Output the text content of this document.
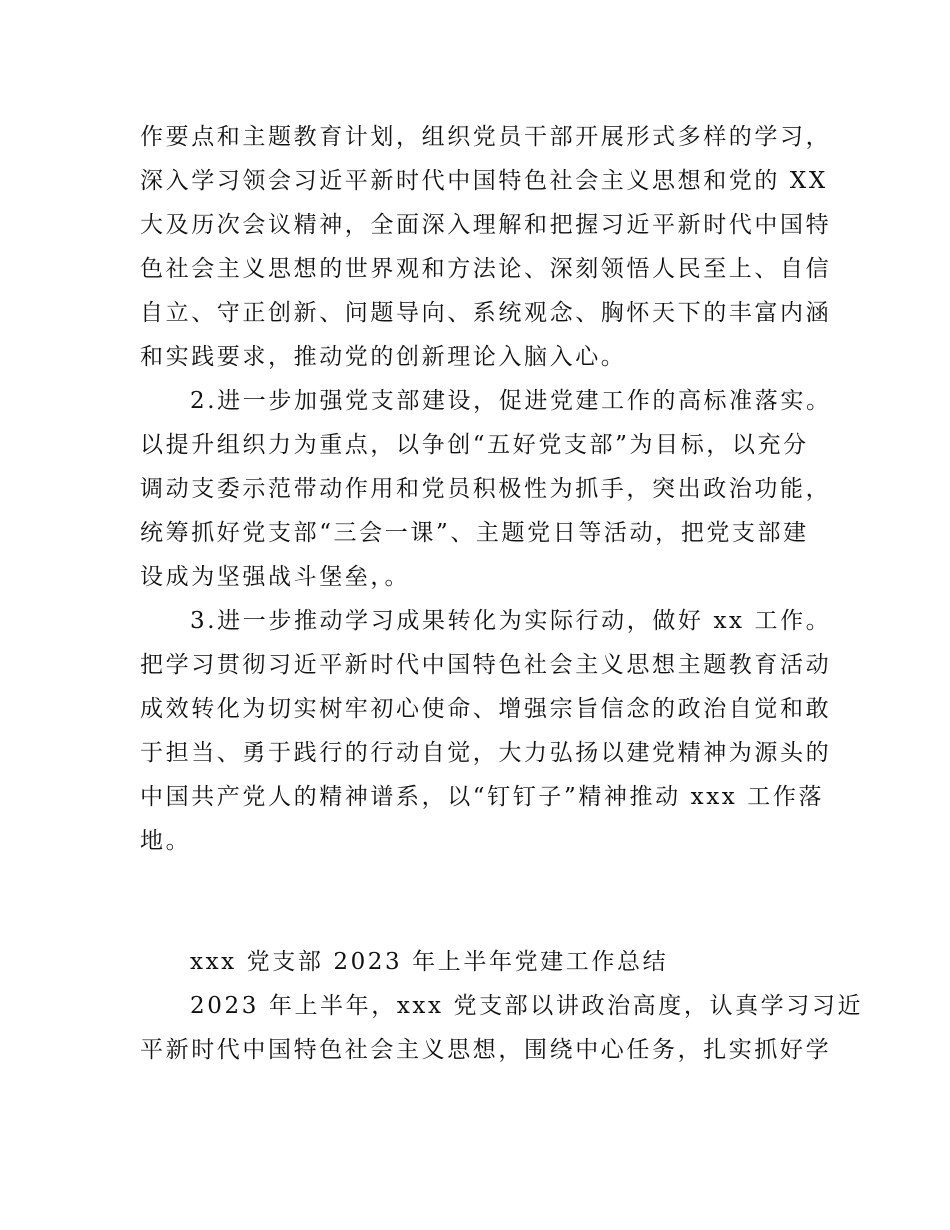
作要点和主题教育计划，组织党员干部开展形式多样的学习，

深入学习领会习近平新时代中国特色社会主义思想和党的 XX

大及历次会议精神，全面深入理解和把握习近平新时代中国特

色社会主义思想的世界观和方法论、深刻领悟人民至上、自信

自立、守正创新、问题导向、系统观念、胸怀天下的丰富内涵

和实践要求，推动党的创新理论入脑入心。

2.进一步加强党支部建设，促进党建工作的高标准落实。

以提升组织力为重点，以争创“五好党支部”为目标，以充分

调动支委示范带动作用和党员积极性为抓手，突出政治功能，

统筹抓好党支部“三会一课”、主题党日等活动，把党支部建

设成为坚强战斗堡垒，。

3.进一步推动学习成果转化为实际行动，做好 xx 工作。

把学习贯彻习近平新时代中国特色社会主义思想主题教育活动

成效转化为切实树牢初心使命、增强宗旨信念的政治自觉和敢

于担当、勇于践行的行动自觉，大力弘扬以建党精神为源头的

中国共产党人的精神谱系，以“钉钉子”精神推动 xxx 工作落

地。

xxx 党支部 2023 年上半年党建工作总结

2023 年上半年，xxx 党支部以讲政治高度，认真学习习近

平新时代中国特色社会主义思想，围绕中心任务，扎实抓好学
